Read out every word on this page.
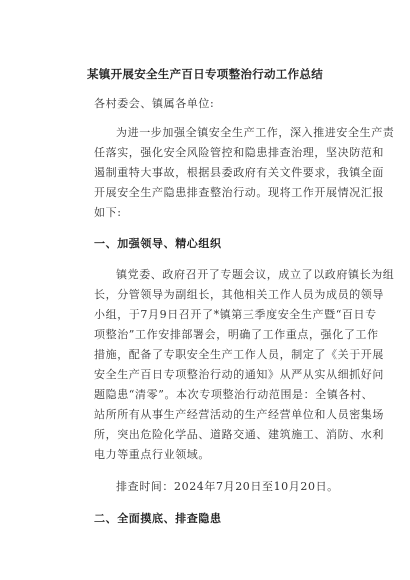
某镇开展安全生产百日专项整治行动工作总结
各村委会、镇属各单位:
为进一步加强全镇安全生产工作，深入推进安全生产责
任落实，强化安全风险管控和隐患排查治理，坚决防范和
遏制重特大事故，根据县委政府有关文件要求，我镇全面
开展安全生产隐患排查整治行动。现将工作开展情况汇报
如下:
一、加强领导、精心组织
镇党委、政府召开了专题会议，成立了以政府镇长为组
长，分管领导为副组长，其他相关工作人员为成员的领导
小组，于7月9日召开了*镇第三季度安全生产暨“百日专
项整治”工作安排部署会，明确了工作重点，强化了工作
措施，配备了专职安全生产工作人员，制定了《关于开展
安全生产百日专项整治行动的通知》从严从实从细抓好问
题隐患“清零”。本次专项整治行动范围是：全镇各村、
站所所有从事生产经营活动的生产经营单位和人员密集场
所，突出危险化学品、道路交通、建筑施工、消防、水利
电力等重点行业领域。
排查时间：2024年7月20日至10月20日。
二、全面摸底、排查隐患
